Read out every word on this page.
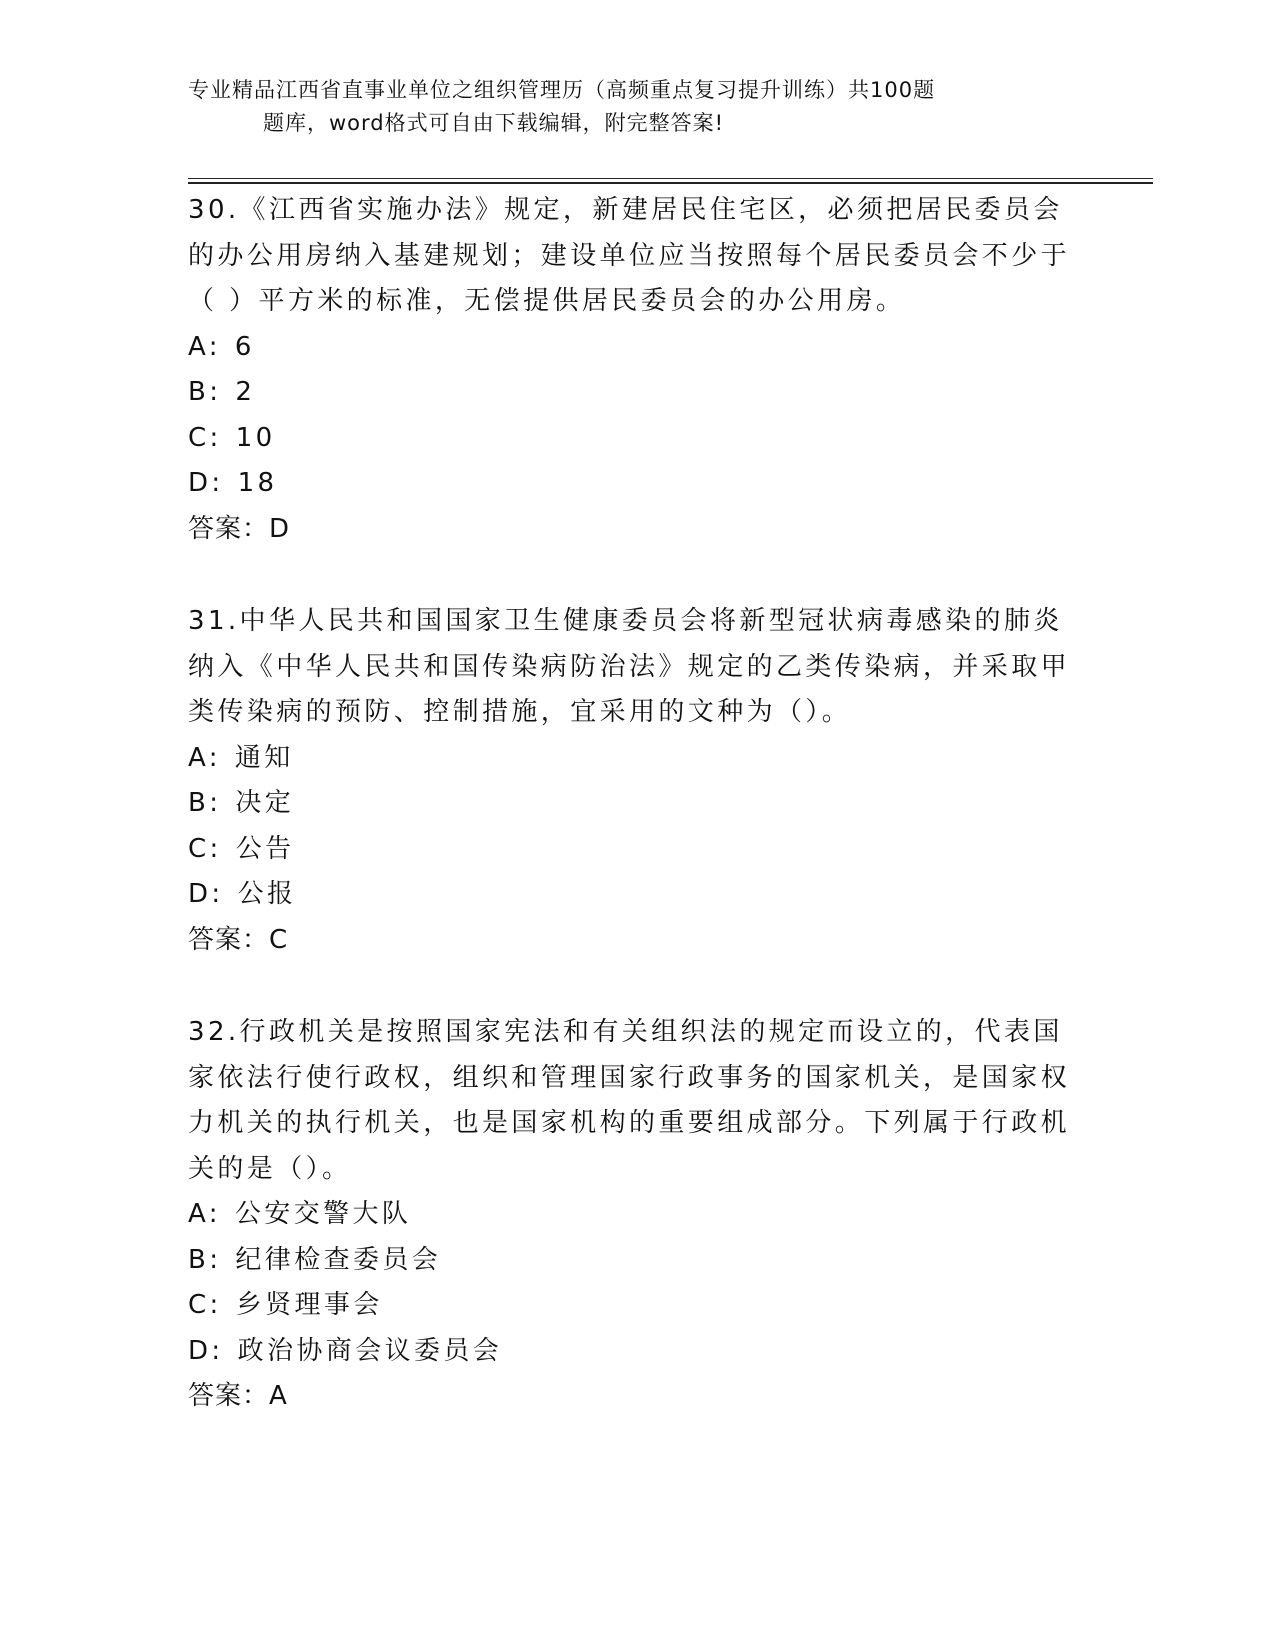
专业精品江西省直事业单位之组织管理历（高频重点复习提升训练）共100题
题库，word格式可自由下载编辑，附完整答案!

30.《江西省实施办法》规定，新建居民住宅区，必须把居民委员会的办公用房纳入基建规划；建设单位应当按照每个居民委员会不少于（ ）平方米的标准，无偿提供居民委员会的办公用房。

A: 6
B: 2
C: 10
D: 18

答案：D

31.中华人民共和国国家卫生健康委员会将新型冠状病毒感染的肺炎纳入《中华人民共和国传染病防治法》规定的乙类传染病，并采取甲类传染病的预防、控制措施，宜采用的文种为（）。

A: 通知
B: 决定
C: 公告
D: 公报

答案：C

32.行政机关是按照国家宪法和有关组织法的规定而设立的，代表国家依法行使行政权，组织和管理国家行政事务的国家机关，是国家权力机关的执行机关，也是国家机构的重要组成部分。下列属于行政机关的是（）。

A: 公安交警大队
B: 纪律检查委员会
C: 乡贤理事会
D: 政治协商会议委员会

答案：A
